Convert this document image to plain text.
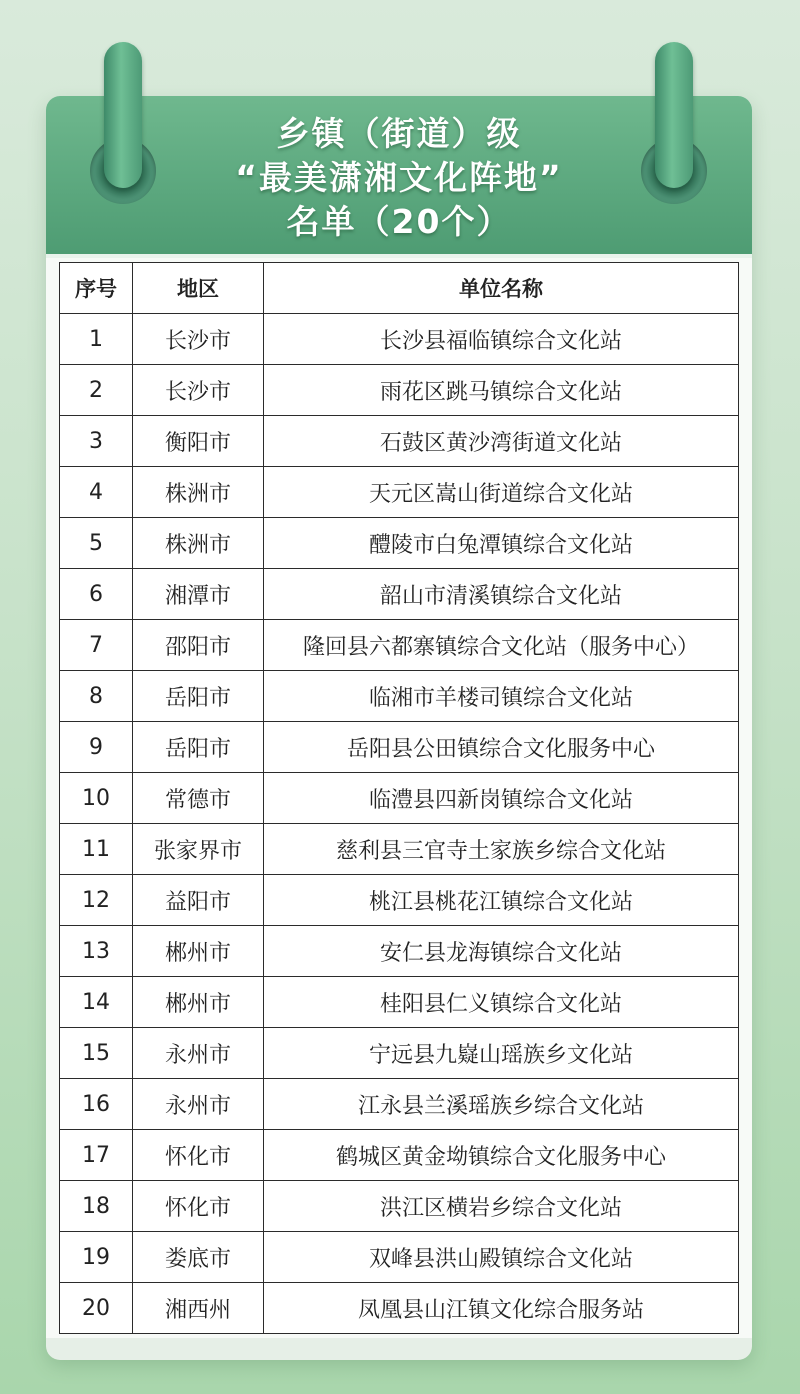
乡镇（街道）级
“最美潇湘文化阵地”
名单（20个）
序号	地区	单位名称
1	长沙市	长沙县福临镇综合文化站
2	长沙市	雨花区跳马镇综合文化站
3	衡阳市	石鼓区黄沙湾街道文化站
4	株洲市	天元区嵩山街道综合文化站
5	株洲市	醴陵市白兔潭镇综合文化站
6	湘潭市	韶山市清溪镇综合文化站
7	邵阳市	隆回县六都寨镇综合文化站（服务中心）
8	岳阳市	临湘市羊楼司镇综合文化站
9	岳阳市	岳阳县公田镇综合文化服务中心
10	常德市	临澧县四新岗镇综合文化站
11	张家界市	慈利县三官寺土家族乡综合文化站
12	益阳市	桃江县桃花江镇综合文化站
13	郴州市	安仁县龙海镇综合文化站
14	郴州市	桂阳县仁义镇综合文化站
15	永州市	宁远县九嶷山瑶族乡文化站
16	永州市	江永县兰溪瑶族乡综合文化站
17	怀化市	鹤城区黄金坳镇综合文化服务中心
18	怀化市	洪江区横岩乡综合文化站
19	娄底市	双峰县洪山殿镇综合文化站
20	湘西州	凤凰县山江镇文化综合服务站
